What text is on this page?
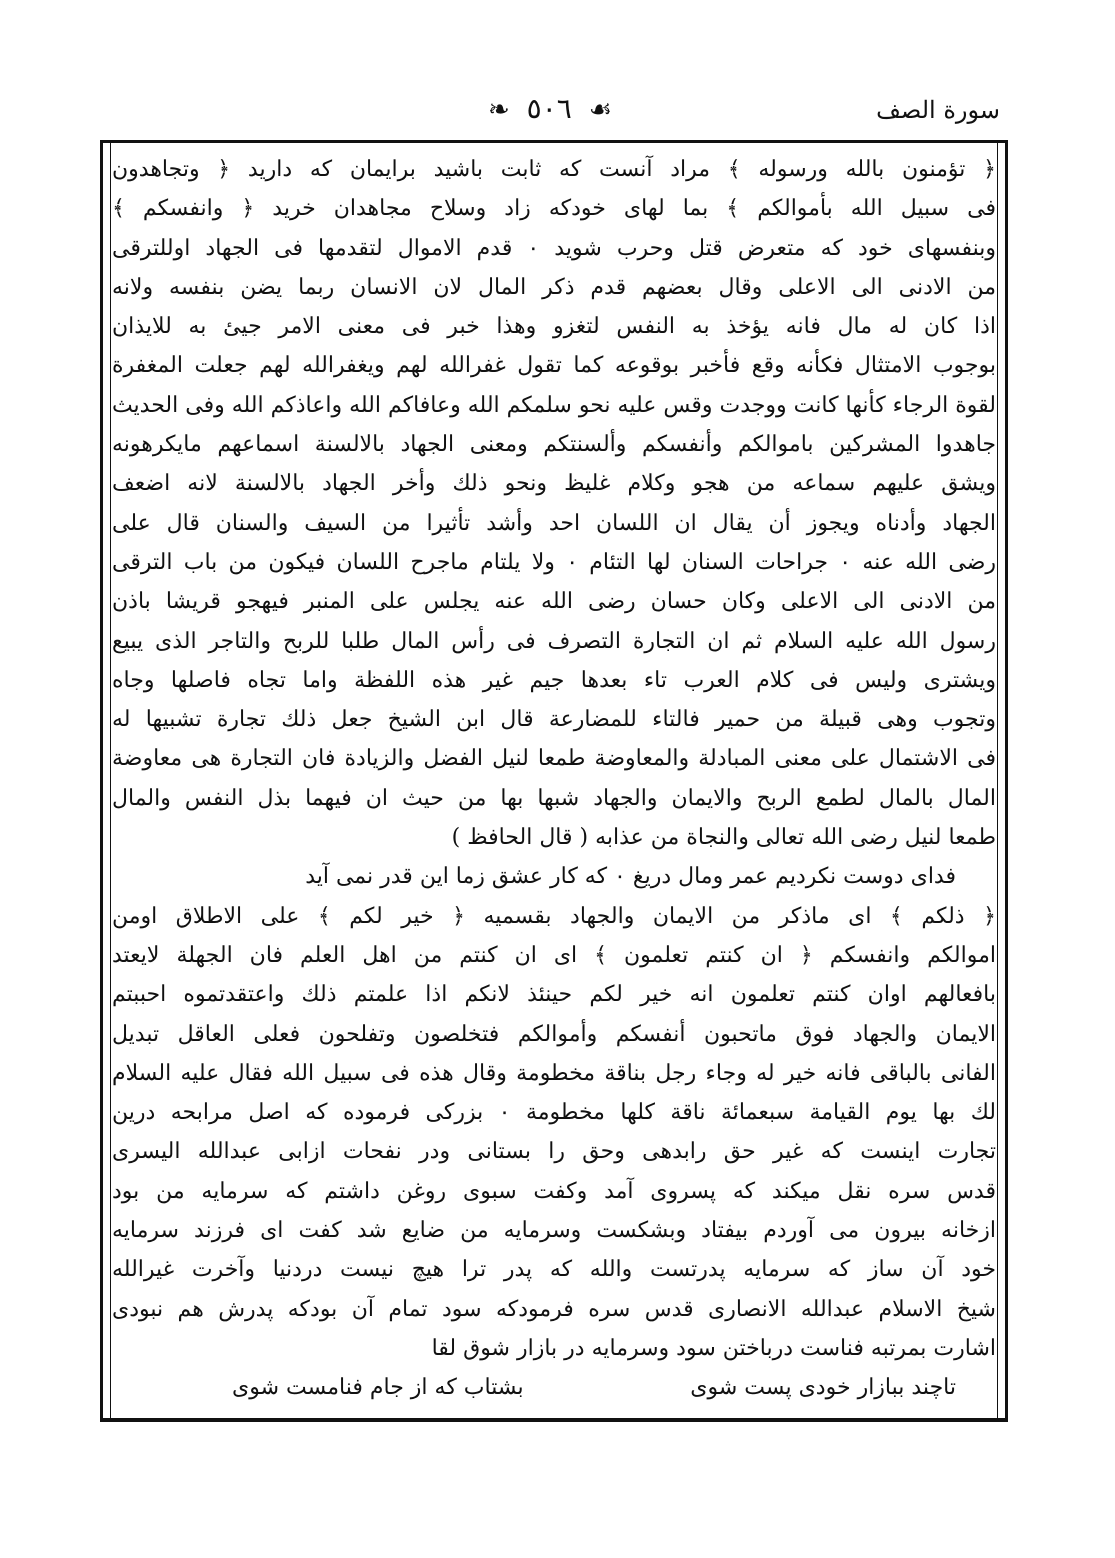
سورة الصف
☙ ٥٠٦ ❧
﴿ تؤمنون بالله ورسوله ﴾ مراد آنست كه ثابت باشيد برايمان كه داريد ﴿ وتجاهدون
فى سبيل الله بأموالكم ﴾ بما لهاى خودكه زاد وسلاح مجاهدان خريد ﴿ وانفسكم ﴾
وبنفسهاى خود كه متعرض قتل وحرب شويد ٠ قدم الاموال لتقدمها فى الجهاد اوللترقى
من الادنى الى الاعلى وقال بعضهم قدم ذكر المال لان الانسان ربما يضن بنفسه ولانه
اذا كان له مال فانه يؤخذ به النفس لتغزو وهذا خبر فى معنى الامر جيئ به للايذان
بوجوب الامتثال فكأنه وقع فأخبر بوقوعه كما تقول غفرالله لهم ويغفرالله لهم جعلت المغفرة
لقوة الرجاء كأنها كانت ووجدت وقس عليه نحو سلمكم الله وعافاكم الله واعاذكم الله وفى الحديث
جاهدوا المشركين باموالكم وأنفسكم وألسنتكم ومعنى الجهاد بالالسنة اسماعهم مايكرهونه
ويشق عليهم سماعه من هجو وكلام غليظ ونحو ذلك وأخر الجهاد بالالسنة لانه اضعف
الجهاد وأدناه ويجوز أن يقال ان اللسان احد وأشد تأثيرا من السيف والسنان قال على
رضى الله عنه ٠ جراحات السنان لها التئام ٠ ولا يلتام ماجرح اللسان فيكون من باب الترقى
من الادنى الى الاعلى وكان حسان رضى الله عنه يجلس على المنبر فيهجو قريشا باذن
رسول الله عليه السلام ثم ان التجارة التصرف فى رأس المال طلبا للربح والتاجر الذى يبيع
ويشترى وليس فى كلام العرب تاء بعدها جيم غير هذه اللفظة واما تجاه فاصلها وجاه
وتجوب وهى قبيلة من حمير فالتاء للمضارعة قال ابن الشيخ جعل ذلك تجارة تشبيها له
فى الاشتمال على معنى المبادلة والمعاوضة طمعا لنيل الفضل والزيادة فان التجارة هى معاوضة
المال بالمال لطمع الربح والايمان والجهاد شبها بها من حيث ان فيهما بذل النفس والمال
طمعا لنيل رضى الله تعالى والنجاة من عذابه ( قال الحافظ )
فداى دوست نكرديم عمر ومال دريغ ٠ كه كار عشق زما اين قدر نمى آيد
﴿ ذلكم ﴾ اى ماذكر من الايمان والجهاد بقسميه ﴿ خير لكم ﴾ على الاطلاق اومن
اموالكم وانفسكم ﴿ ان كنتم تعلمون ﴾ اى ان كنتم من اهل العلم فان الجهلة لايعتد
بافعالهم اوان كنتم تعلمون انه خير لكم حينئذ لانكم اذا علمتم ذلك واعتقدتموه احببتم
الايمان والجهاد فوق ماتحبون أنفسكم وأموالكم فتخلصون وتفلحون فعلى العاقل تبديل
الفانى بالباقى فانه خير له وجاء رجل بناقة مخطومة وقال هذه فى سبيل الله فقال عليه السلام
لك بها يوم القيامة سبعمائة ناقة كلها مخطومة ٠ بزركى فرموده كه اصل مرابحه درين
تجارت اينست كه غير حق رابدهى وحق را بستانى ودر نفحات ازابى عبدالله اليسرى
قدس سره نقل ميكند كه پسروى آمد وكفت سبوى روغن داشتم كه سرمايه من بود
ازخانه بيرون مى آوردم بيفتاد وبشكست وسرمايه من ضايع شد كفت اى فرزند سرمايه
خود آن ساز كه سرمايه پدرتست والله كه پدر ترا هيچ نيست دردنيا وآخرت غيرالله
شيخ الاسلام عبدالله الانصارى قدس سره فرمودكه سود تمام آن بودكه پدرش هم نبودى
اشارت بمرتبه فناست درباختن سود وسرمايه در بازار شوق لقا
تاچند ببازار خودى پست شوى
بشتاب كه از جام فنامست شوى
